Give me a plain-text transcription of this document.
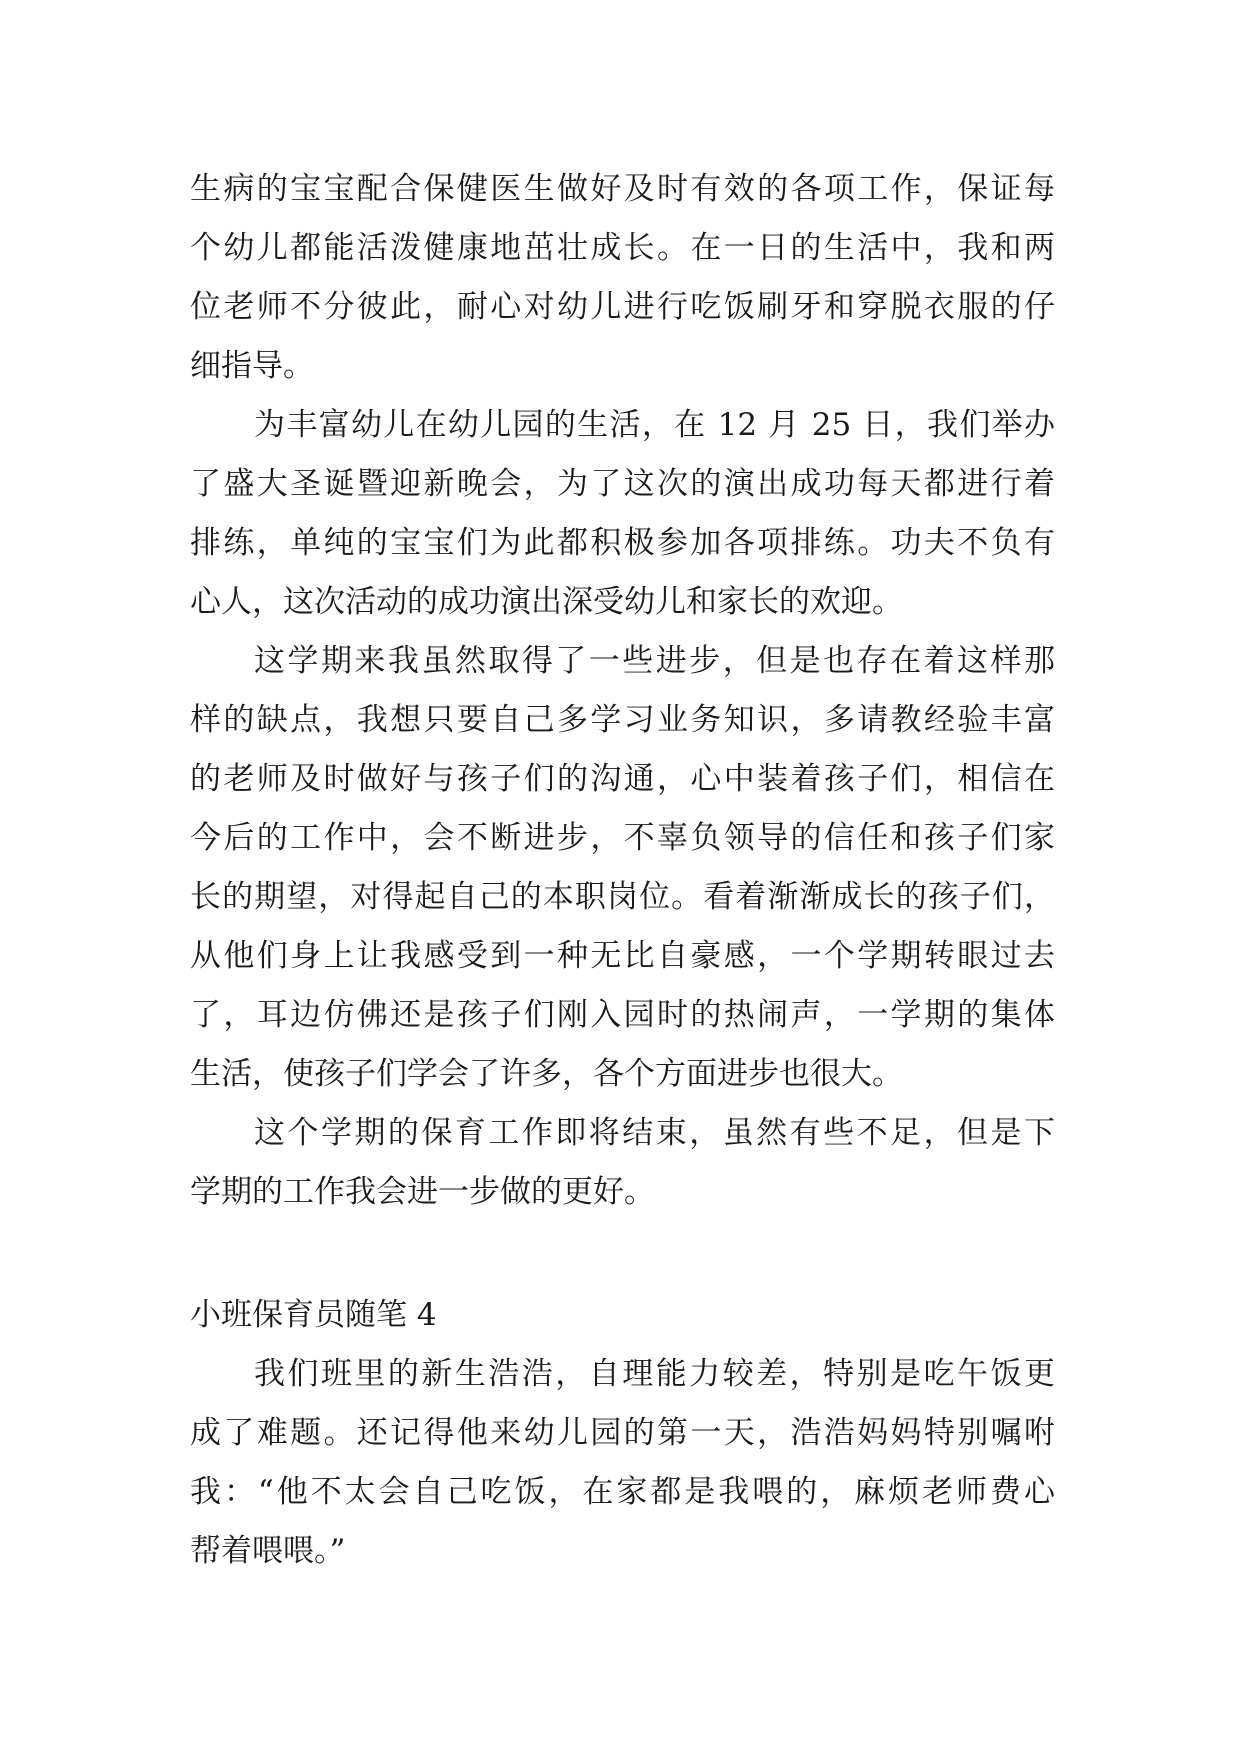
生病的宝宝配合保健医生做好及时有效的各项工作，保证每
个幼儿都能活泼健康地茁壮成长。在一日的生活中，我和两
位老师不分彼此，耐心对幼儿进行吃饭刷牙和穿脱衣服的仔
细指导。
为丰富幼儿在幼儿园的生活，在 12 月 25 日，我们举办
了盛大圣诞暨迎新晚会，为了这次的演出成功每天都进行着
排练，单纯的宝宝们为此都积极参加各项排练。功夫不负有
心人，这次活动的成功演出深受幼儿和家长的欢迎。
这学期来我虽然取得了一些进步，但是也存在着这样那
样的缺点，我想只要自己多学习业务知识，多请教经验丰富
的老师及时做好与孩子们的沟通，心中装着孩子们，相信在
今后的工作中，会不断进步，不辜负领导的信任和孩子们家
长的期望，对得起自己的本职岗位。看着渐渐成长的孩子们，
从他们身上让我感受到一种无比自豪感，一个学期转眼过去
了，耳边仿佛还是孩子们刚入园时的热闹声，一学期的集体
生活，使孩子们学会了许多，各个方面进步也很大。
这个学期的保育工作即将结束，虽然有些不足，但是下
学期的工作我会进一步做的更好。
小班保育员随笔 4
我们班里的新生浩浩，自理能力较差，特别是吃午饭更
成了难题。还记得他来幼儿园的第一天，浩浩妈妈特别嘱咐
我：“他不太会自己吃饭，在家都是我喂的，麻烦老师费心
帮着喂喂。”
